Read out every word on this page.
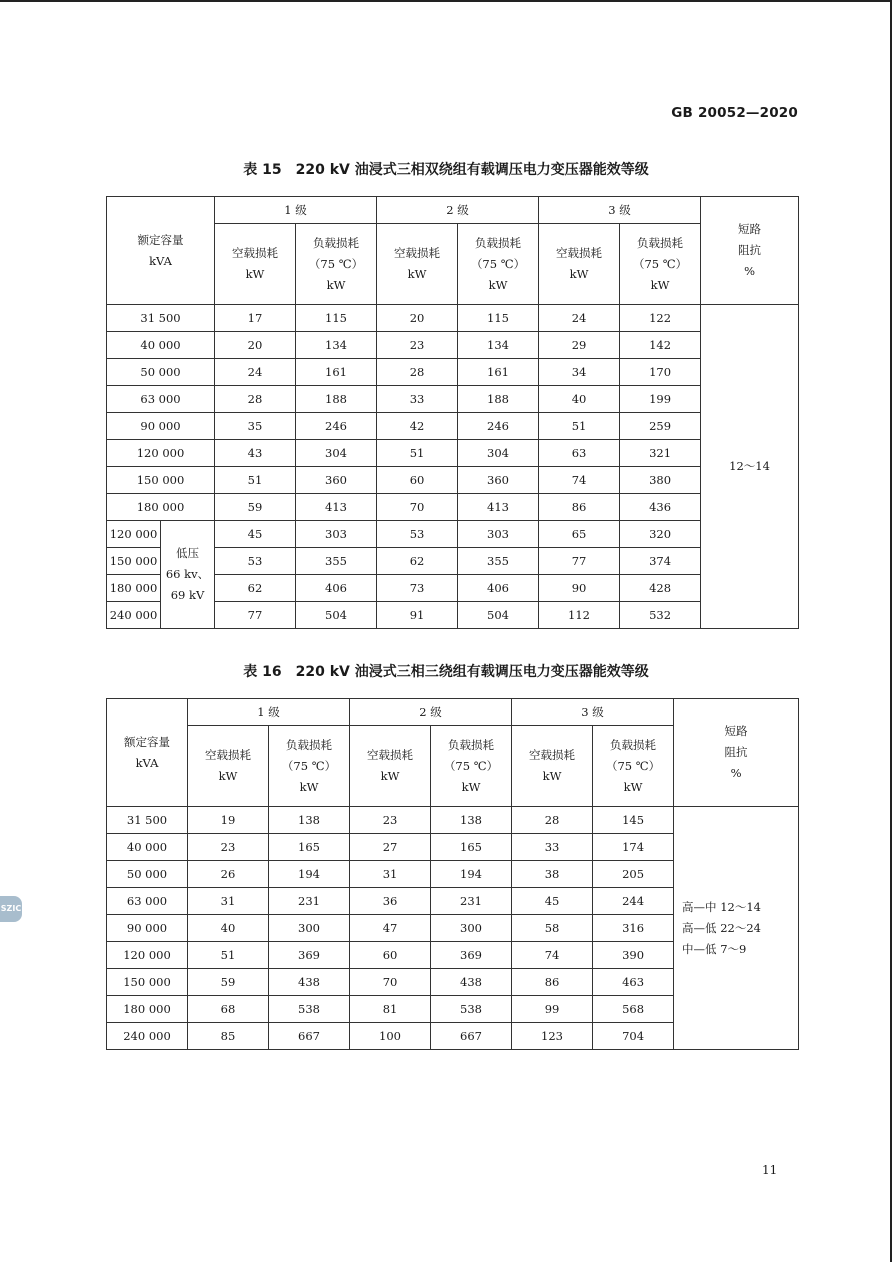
GB 20052—2020
表 15 220 kV 油浸式三相双绕组有载调压电力变压器能效等级
额定容量
kVA		1 级		2 级		3 级		短路
阻抗
%

		空载损耗
kW	负载损耗
（75 ℃）
kW	空载损耗
kW	负载损耗
（75 ℃）
kW	空载损耗
kW	负载损耗
（75 ℃）
kW	

31 500		17	115	20	115	24	122	12～14
40 000		20	134	23	134	29	142	
50 000		24	161	28	161	34	170	
63 000		28	188	33	188	40	199	
90 000		35	246	42	246	51	259	
120 000		43	304	51	304	63	321	
150 000		51	360	60	360	74	380	
180 000		59	413	70	413	86	436	
120 000	低压
66 kv、
69 kV	45	303	53	303	65	320	
150 000		53	355	62	355	77	374	
180 000		62	406	73	406	90	428	
240 000		77	504	91	504	112	532	
表 16 220 kV 油浸式三相三绕组有载调压电力变压器能效等级
额定容量
kVA	1 级		2 级		3 级		短路
阻抗
%

	空载损耗
kW	负载损耗
（75 ℃）
kW	空载损耗
kW	负载损耗
（75 ℃）
kW	空载损耗
kW	负载损耗
（75 ℃）
kW	

31 500	19	138	23	138	28	145	高—中 12～14
高—低 22～24
中—低 7～9

40 000	23	165	27	165	33	174	
50 000	26	194	31	194	38	205	
63 000	31	231	36	231	45	244	
90 000	40	300	47	300	58	316	
120 000	51	369	60	369	74	390	
150 000	59	438	70	438	86	463	
180 000	68	538	81	538	99	568	
240 000	85	667	100	667	123	704	
SZIC
11
